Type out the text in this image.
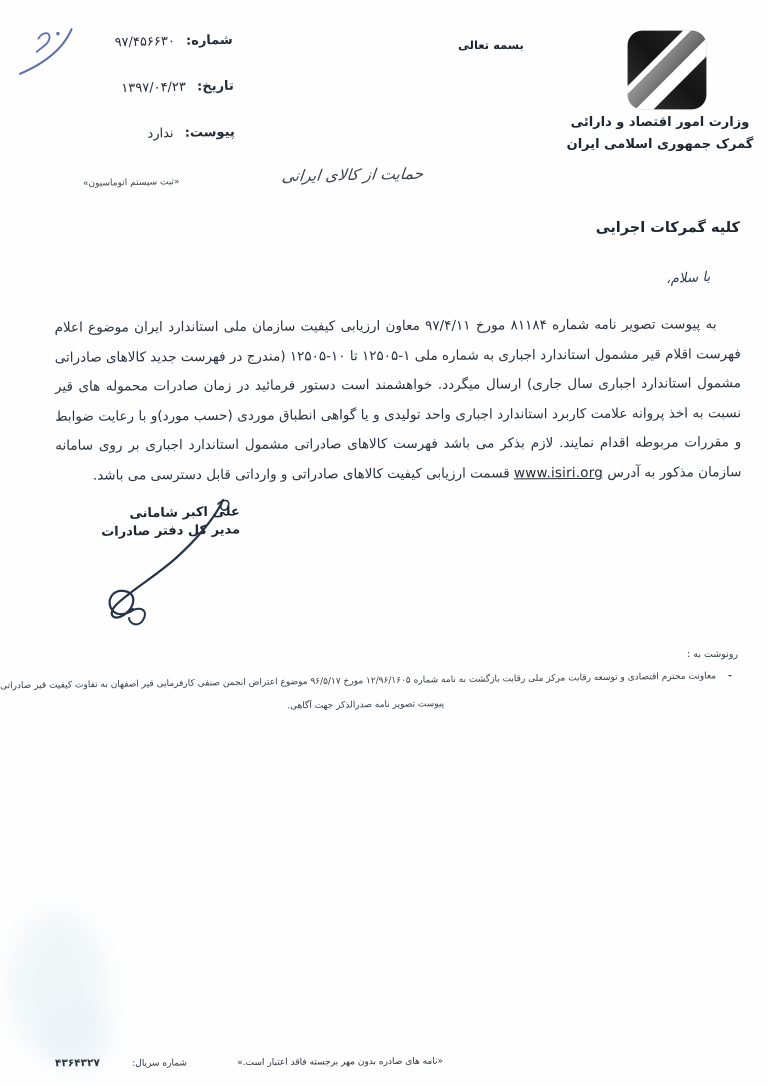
بسمه تعالی
وزارت امور اقتصاد و دارائی
گمرک جمهوری اسلامی ایران
شماره: ۹۷/۴۵۶۶۳۰
تاریخ: ۱۳۹۷/۰۴/۲۳
پیوست: ندارد
«ثبت سیستم اتوماسیون»	حمایت از کالای ایرانی
کلیه گمرکات اجرایی
با سلام،

به پیوست تصویر نامه شماره ۸۱۱۸۴ مورخ ۹۷/۴/۱۱ معاون ارزیابی کیفیت سازمان ملی استاندارد ایران موضوع اعلام فهرست اقلام قیر مشمول استاندارد اجباری به شماره ملی ۱-۱۲۵۰۵ تا ۱۰-۱۲۵۰۵ (مندرج در فهرست جدید کالاهای صادراتی مشمول استاندارد اجباری سال جاری) ارسال میگردد. خواهشمند است دستور فرمائید در زمان صادرات محموله های قیر نسبت به اخذ پروانه علامت کاربرد استاندارد اجباری واحد تولیدی و یا گواهی انطباق موردی (حسب مورد)و با رعایت ضوابط و مقررات مربوطه اقدام نمایند. لازم بذکر می باشد فهرست کالاهای صادراتی مشمول استاندارد اجباری بر روی سامانه سازمان مذکور به آدرس www.isiri.org قسمت ارزیابی کیفیت کالاهای صادراتی و وارداتی قابل دسترسی می باشد.

علی اکبر شامانی
مدیر کل دفتر صادرات
رونوشت به :
-معاونت محترم اقتصادی و توسعه رقابت مرکز ملی رقابت بازگشت به نامه شماره ۱۲/۹۶/۱۶۰۵ مورخ ۹۶/۵/۱۷ موضوع اعتراض انجمن صنفی کارفرمایی قیر اصفهان به تفاوت کیفیت قیر صادراتی
پیوست تصویر نامه صدرالذکر جهت آگاهی.
«نامه های صادره بدون مهر برجسته فاقد اعتبار است.»
شماره سریال:
۴۳۶۴۳۲۷
